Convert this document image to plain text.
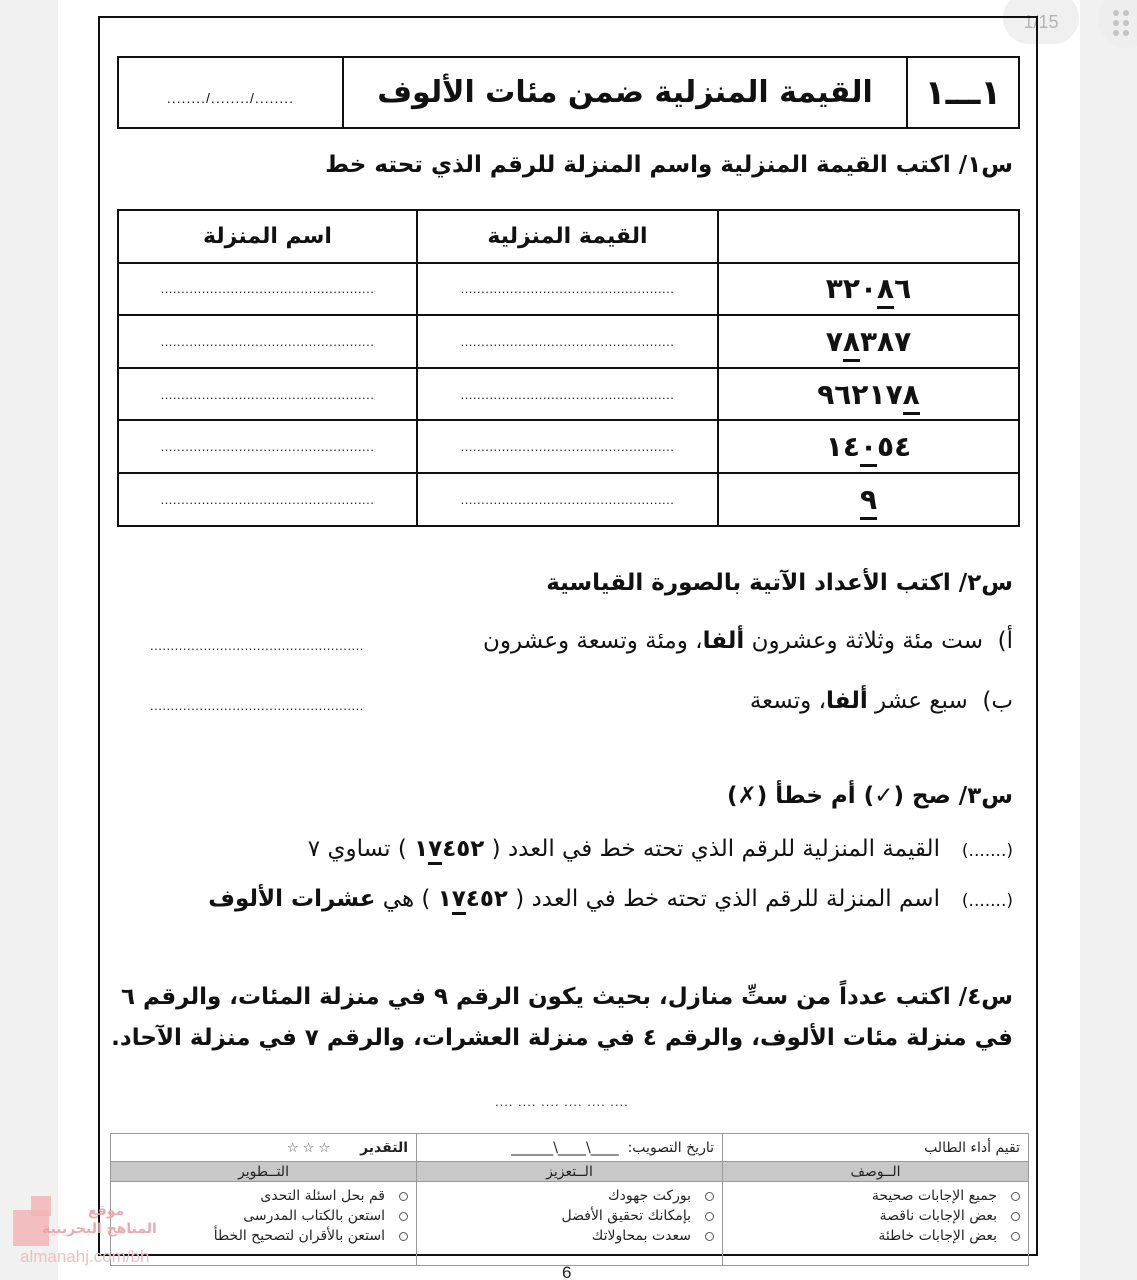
1/15
١ـــ١
القيمة المنزلية ضمن مئات الألوف
......../......../........
س١/ اكتب القيمة المنزلية واسم المنزلة للرقم الذي تحته خط
	القيمة المنزلية	اسم المنزلة
٣٢٠٨٦	....................................................	....................................................
٧٨٣٨٧	....................................................	....................................................
٩٦٢١٧٨	....................................................	....................................................
١٤٠٥٤	....................................................	....................................................
٩	....................................................	....................................................
س٢/ اكتب الأعداد الآتية بالصورة القياسية
أ)  ست مئة وثلاثة وعشرون ألفا، ومئة وتسعة وعشرون
....................................................
ب)  سبع عشر ألفا، وتسعة
....................................................
س٣/ صح (✓) أم خطأ (✗)
(.......)   القيمة المنزلية للرقم الذي تحته خط في العدد ( ١٧٤٥٢ ) تساوي ٧
(.......)   اسم المنزلة للرقم الذي تحته خط في العدد ( ١٧٤٥٢ ) هي عشرات الألوف
س٤/ اكتب عدداً من ستِّ منازل، بحيث يكون الرقم ٩ في منزلة المئات، والرقم ٦
في منزلة مئات الألوف، والرقم ٤ في منزلة العشرات، والرقم ٧ في منزلة الآحاد.
.... .... .... .... .... ....
تقيم أداء الطالب	تاريخ التصويب:  ____\____\______	التقدير☆ ☆ ☆
الــوصف	الــتعزيز	التــطوير

جميع الإجابات صحيحة
بعض الإجابات ناقصة
بعض الإجابات خاطئة

بوركت جهودك
بإمكانك تحقيق الأفضل
سعدت بمحاولاتك

قم بحل اسئلة التحدى
استعن بالكتاب المدرسى
استعن بالأقران لتصحيح الخطأ
6
موقع
المناهج البحرينية
almanahj.com/bh
